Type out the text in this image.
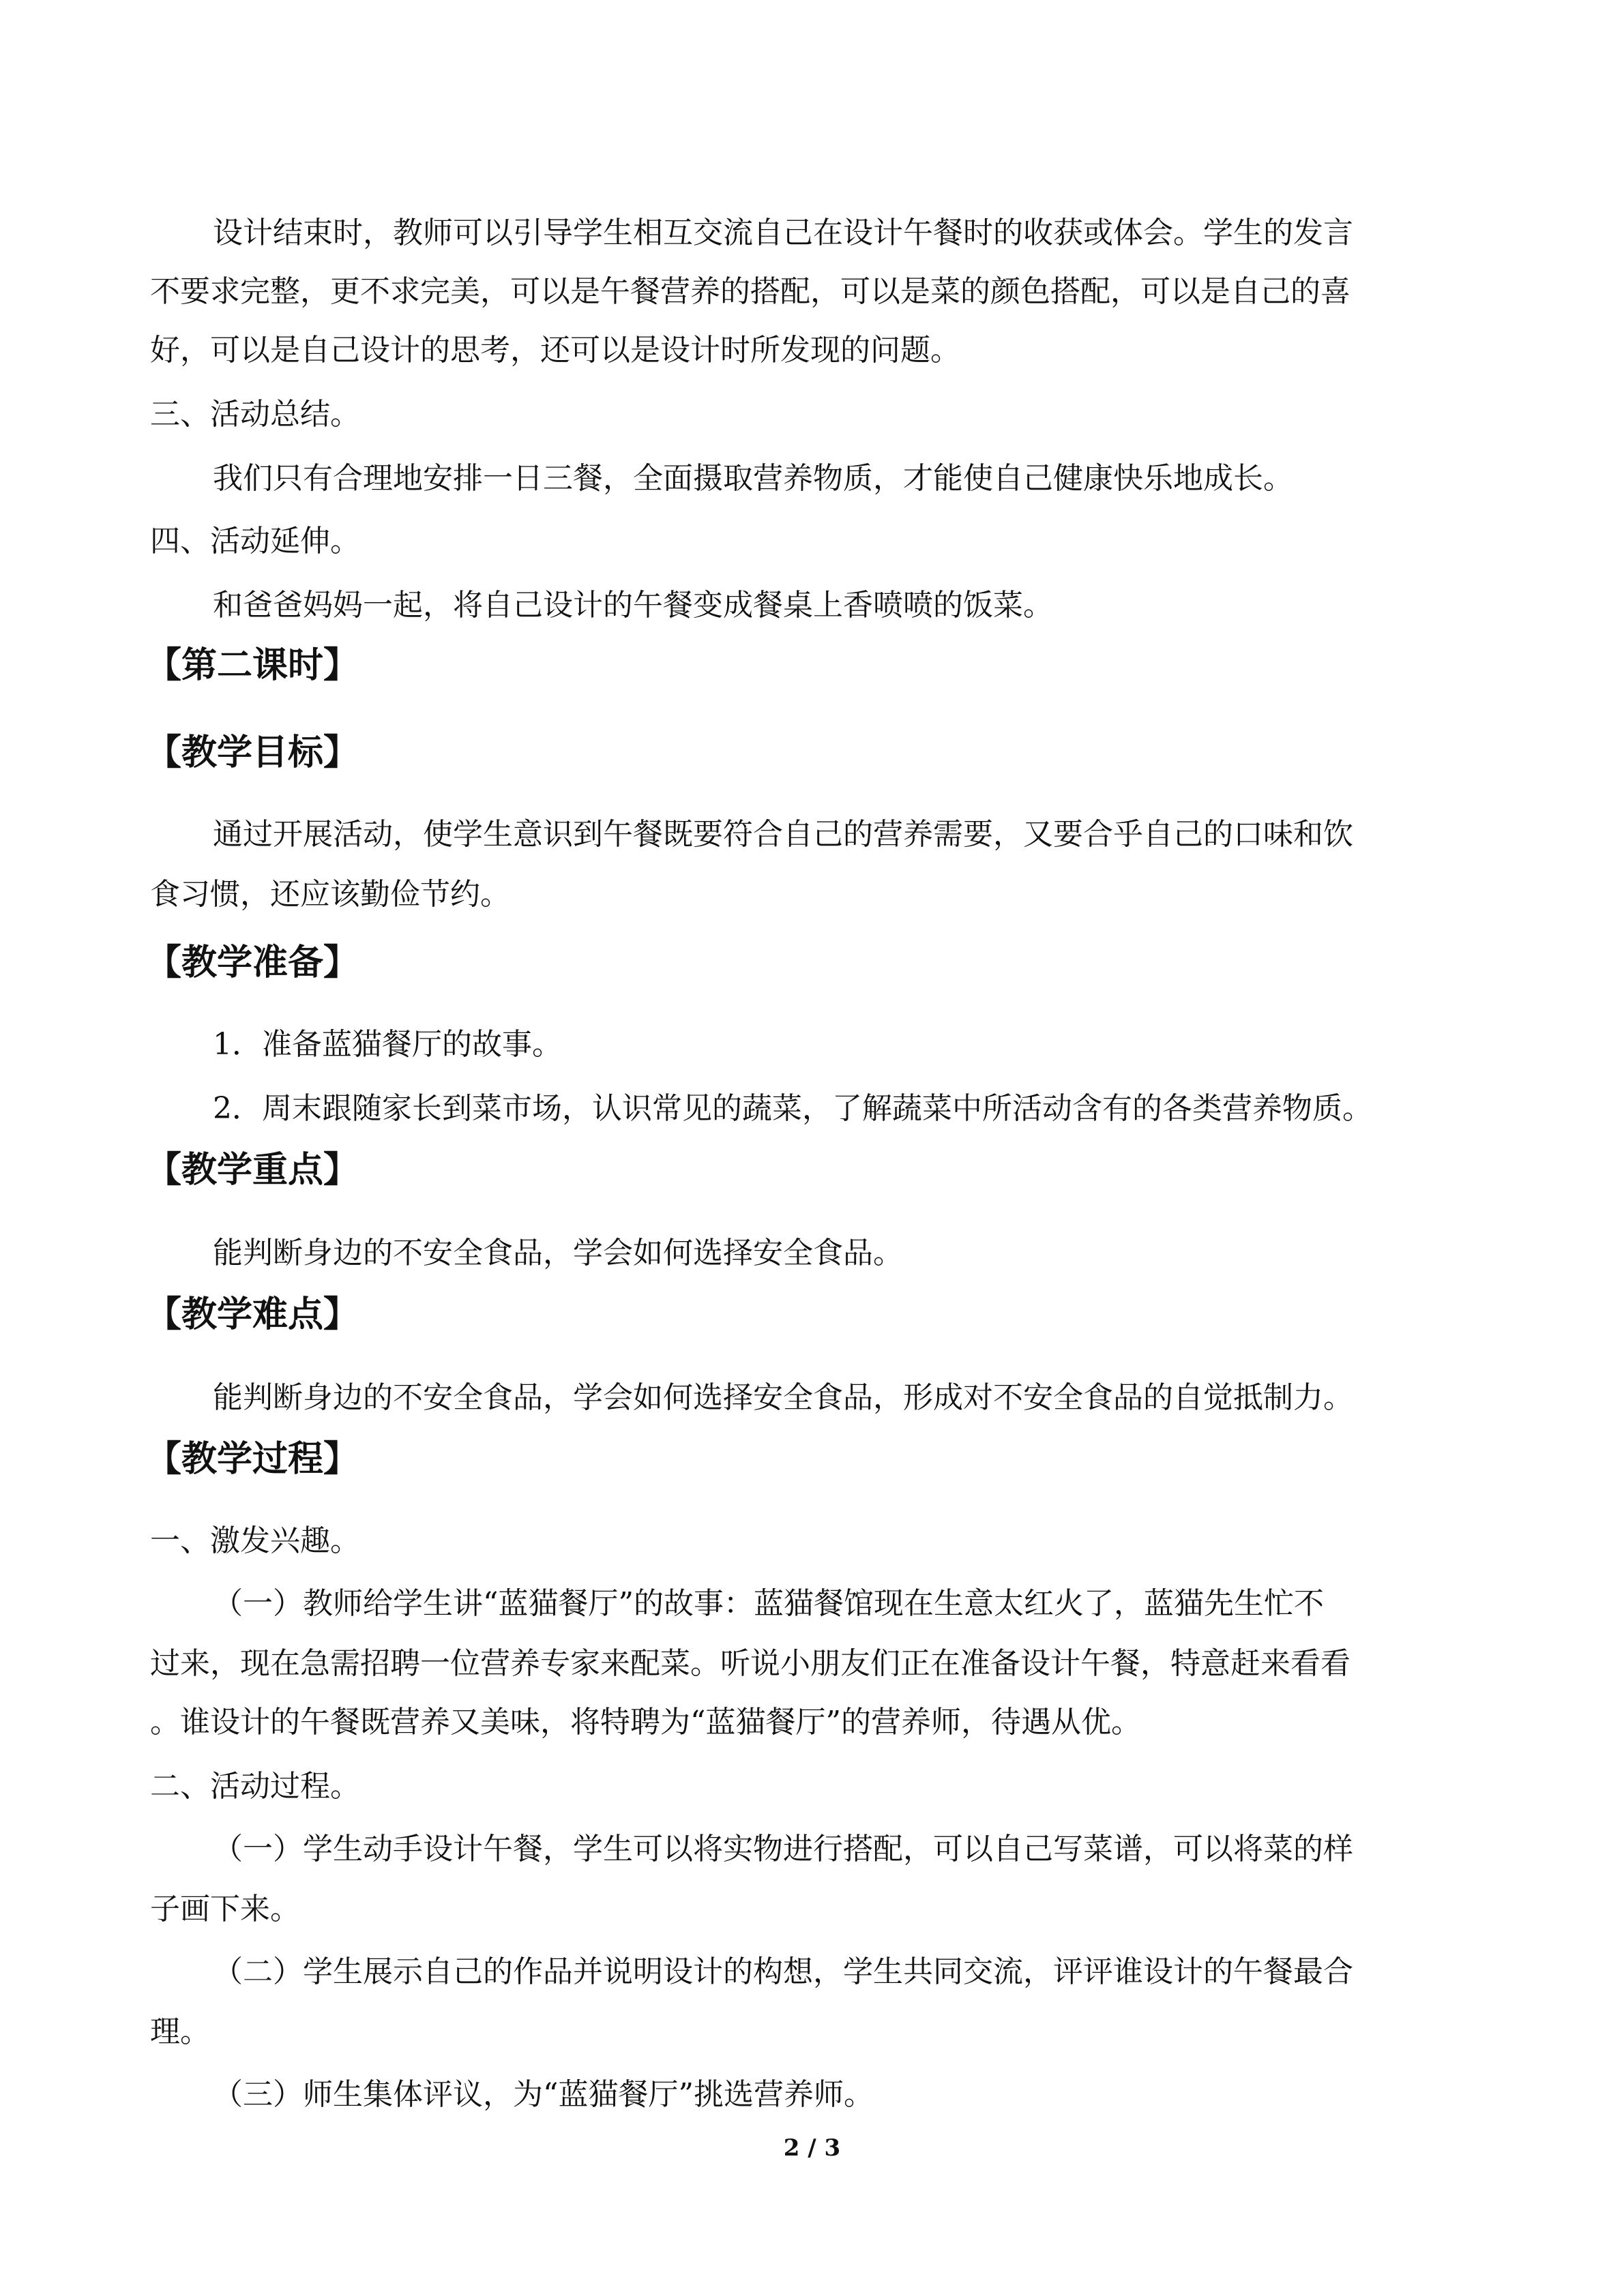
设计结束时，教师可以引导学生相互交流自己在设计午餐时的收获或体会。学生的发言
不要求完整，更不求完美，可以是午餐营养的搭配，可以是菜的颜色搭配，可以是自己的喜
好，可以是自己设计的思考，还可以是设计时所发现的问题。
三、活动总结。
我们只有合理地安排一日三餐，全面摄取营养物质，才能使自己健康快乐地成长。
四、活动延伸。
和爸爸妈妈一起，将自己设计的午餐变成餐桌上香喷喷的饭菜。
【第二课时】
【教学目标】
通过开展活动，使学生意识到午餐既要符合自己的营养需要，又要合乎自己的口味和饮
食习惯，还应该勤俭节约。
【教学准备】
1．准备蓝猫餐厅的故事。
2．周末跟随家长到菜市场，认识常见的蔬菜，了解蔬菜中所活动含有的各类营养物质。
【教学重点】
能判断身边的不安全食品，学会如何选择安全食品。
【教学难点】
能判断身边的不安全食品，学会如何选择安全食品，形成对不安全食品的自觉抵制力。
【教学过程】
一、激发兴趣。
（一）教师给学生讲“蓝猫餐厅”的故事：蓝猫餐馆现在生意太红火了，蓝猫先生忙不
过来，现在急需招聘一位营养专家来配菜。听说小朋友们正在准备设计午餐，特意赶来看看
。谁设计的午餐既营养又美味，将特聘为“蓝猫餐厅”的营养师，待遇从优。
二、活动过程。
（一）学生动手设计午餐，学生可以将实物进行搭配，可以自己写菜谱，可以将菜的样
子画下来。
（二）学生展示自己的作品并说明设计的构想，学生共同交流，评评谁设计的午餐最合
理。
（三）师生集体评议，为“蓝猫餐厅”挑选营养师。
2 / 3
